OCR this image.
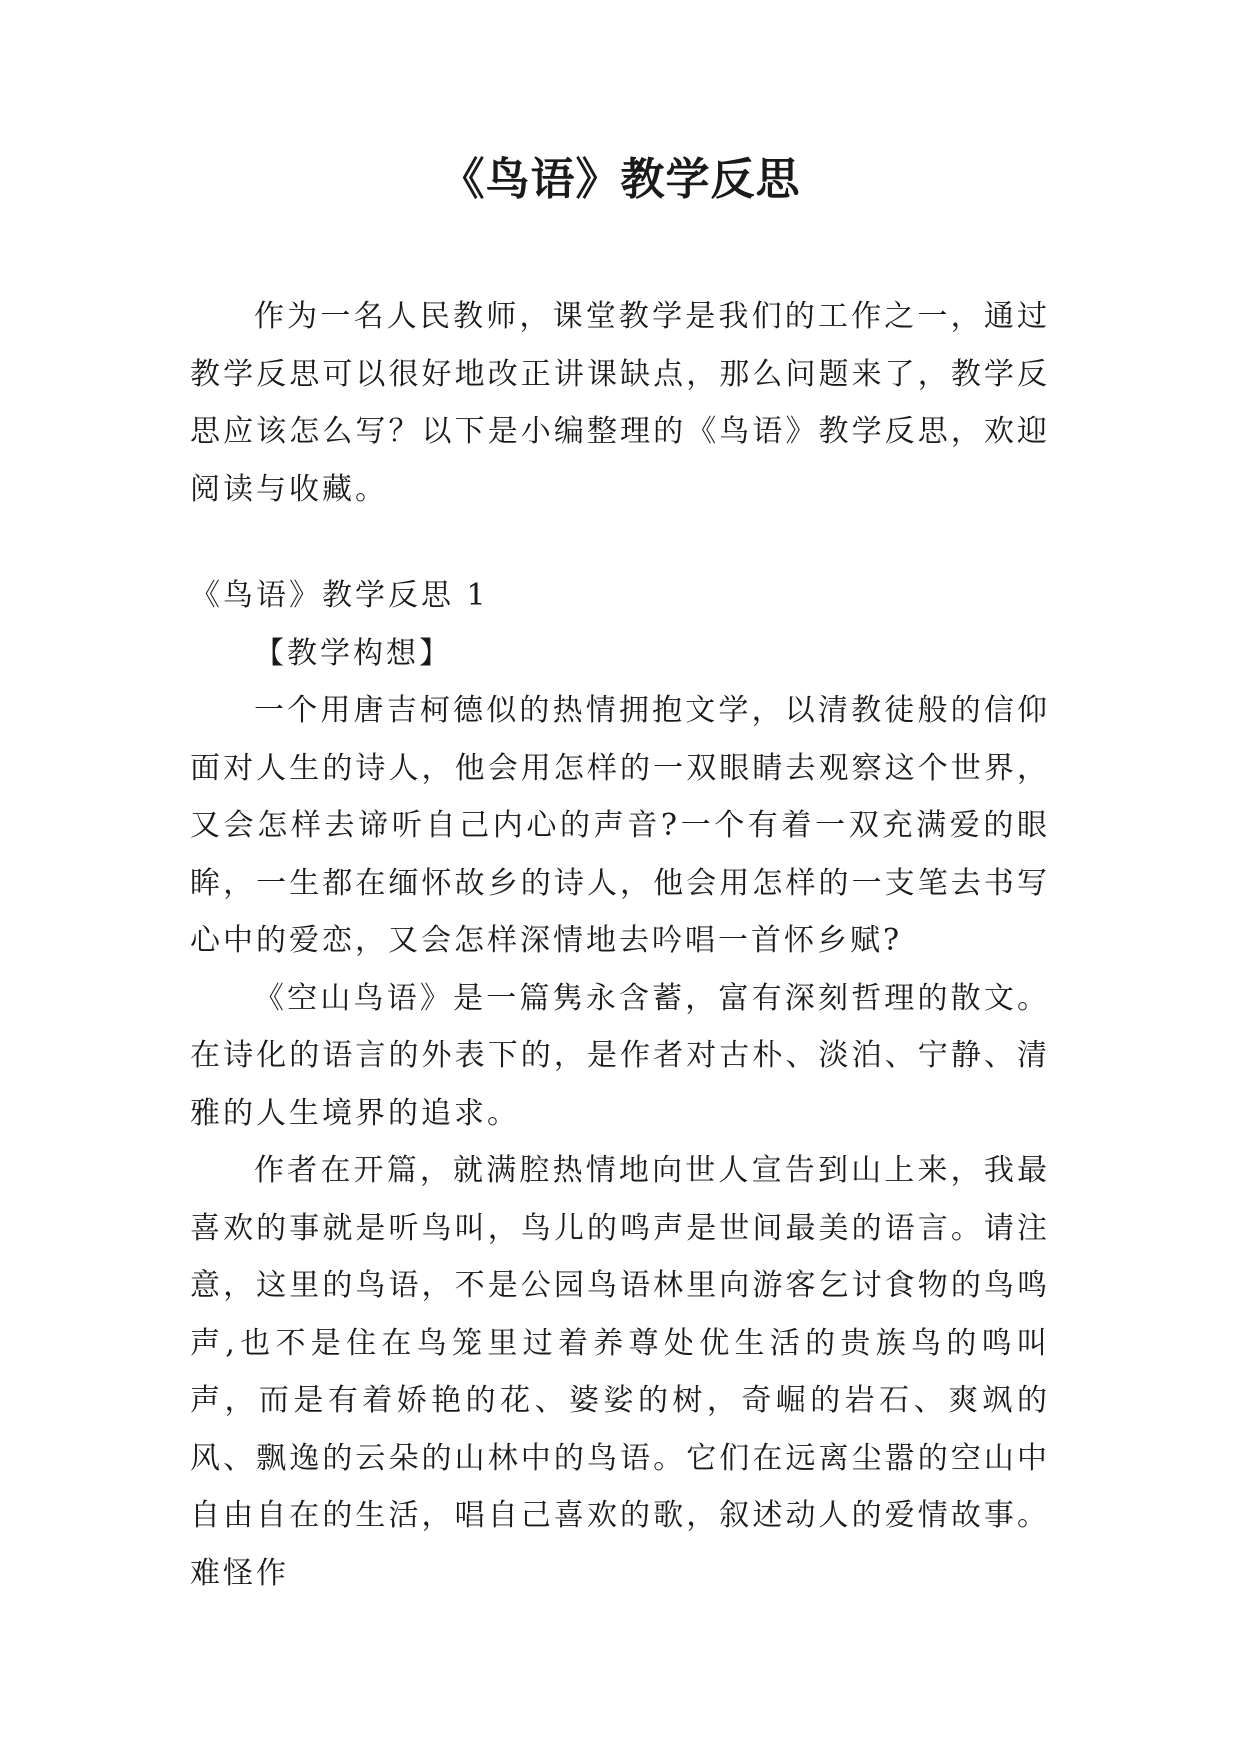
《鸟语》教学反思

作为一名人民教师，课堂教学是我们的工作之一，通过教学反思可以很好地改正讲课缺点，那么问题来了，教学反思应该怎么写？以下是小编整理的《鸟语》教学反思，欢迎阅读与收藏。

《鸟语》教学反思 1

【教学构想】

一个用唐吉柯德似的热情拥抱文学，以清教徒般的信仰面对人生的诗人，他会用怎样的一双眼睛去观察这个世界，又会怎样去谛听自己内心的声音?一个有着一双充满爱的眼眸，一生都在缅怀故乡的诗人，他会用怎样的一支笔去书写心中的爱恋，又会怎样深情地去吟唱一首怀乡赋?

《空山鸟语》是一篇隽永含蓄，富有深刻哲理的散文。在诗化的语言的外表下的，是作者对古朴、淡泊、宁静、清雅的人生境界的追求。

作者在开篇，就满腔热情地向世人宣告到山上来，我最喜欢的事就是听鸟叫，鸟儿的鸣声是世间最美的语言。请注意，这里的鸟语，不是公园鸟语林里向游客乞讨食物的鸟鸣声,也不是住在鸟笼里过着养尊处优生活的贵族鸟的鸣叫声，而是有着娇艳的花、婆娑的树，奇崛的岩石、爽飒的风、飘逸的云朵的山林中的鸟语。它们在远离尘嚣的空山中自由自在的生活，唱自己喜欢的歌，叙述动人的爱情故事。难怪作
